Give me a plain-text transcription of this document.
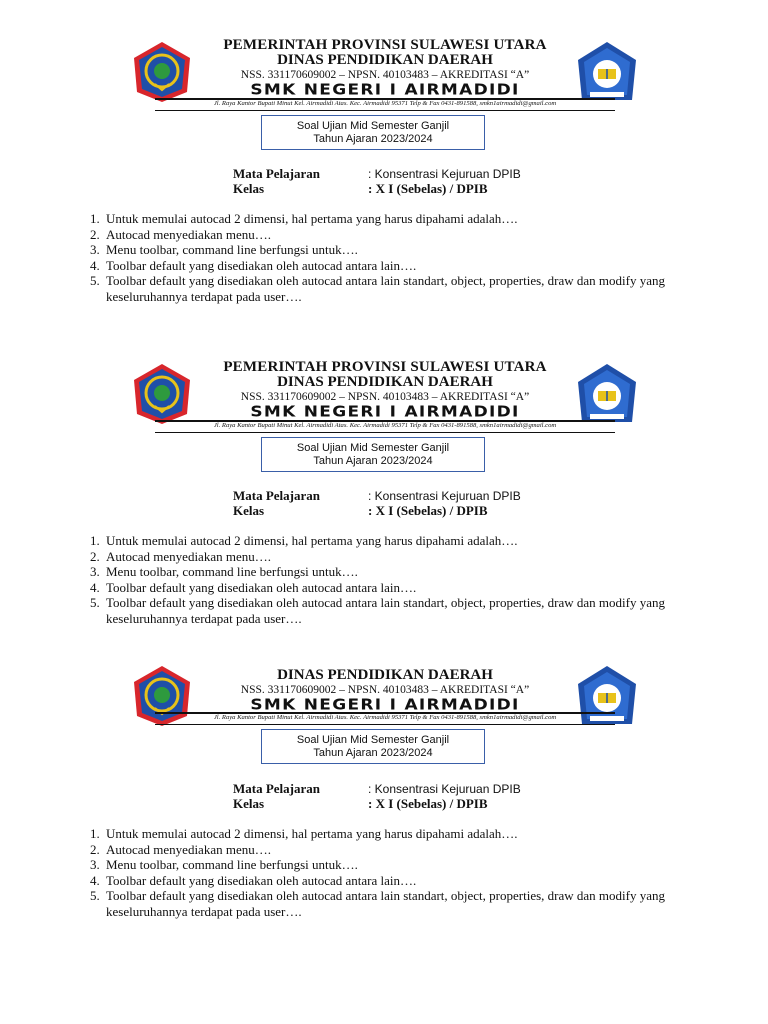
PEMERINTAH PROVINSI SULAWESI UTARA
DINAS PENDIDIKAN DAERAH
NSS. 331170609002 – NPSN. 40103483 – AKREDITASI “A”
SMK NEGERI I AIRMADIDI
Jl. Raya Kantor Bupati Minut Kel. Airmadidi Atas. Kec. Airmadidi 95371 Telp & Fax 0431-891588, smkn1airmadidi@gmail.com
Soal Ujian Mid Semester Ganjil
Tahun Ajaran 2023/2024
Mata Pelajaran	: Konsentrasi Kejuruan DPIB
Kelas	: X I (Sebelas) / DPIB
1. Untuk memulai autocad 2 dimensi, hal pertama yang harus dipahami adalah….
2. Autocad menyediakan menu….
3. Menu toolbar, command line berfungsi untuk….
4. Toolbar default yang disediakan oleh autocad antara lain….
5. Toolbar default yang disediakan oleh autocad antara lain standart, object, properties, draw dan modify yang keseluruhannya terdapat pada user….
PEMERINTAH PROVINSI SULAWESI UTARA
DINAS PENDIDIKAN DAERAH
NSS. 331170609002 – NPSN. 40103483 – AKREDITASI “A”
SMK NEGERI I AIRMADIDI
Jl. Raya Kantor Bupati Minut Kel. Airmadidi Atas. Kec. Airmadidi 95371 Telp & Fax 0431-891588, smkn1airmadidi@gmail.com
Soal Ujian Mid Semester Ganjil
Tahun Ajaran 2023/2024
Mata Pelajaran	: Konsentrasi Kejuruan DPIB
Kelas	: X I (Sebelas) / DPIB
1. Untuk memulai autocad 2 dimensi, hal pertama yang harus dipahami adalah….
2. Autocad menyediakan menu….
3. Menu toolbar, command line berfungsi untuk….
4. Toolbar default yang disediakan oleh autocad antara lain….
5. Toolbar default yang disediakan oleh autocad antara lain standart, object, properties, draw dan modify yang keseluruhannya terdapat pada user….
DINAS PENDIDIKAN DAERAH
NSS. 331170609002 – NPSN. 40103483 – AKREDITASI “A”
SMK NEGERI I AIRMADIDI
Jl. Raya Kantor Bupati Minut Kel. Airmadidi Atas. Kec. Airmadidi 95371 Telp & Fax 0431-891588, smkn1airmadidi@gmail.com
Soal Ujian Mid Semester Ganjil
Tahun Ajaran 2023/2024
Mata Pelajaran	: Konsentrasi Kejuruan DPIB
Kelas	: X I (Sebelas) / DPIB
1. Untuk memulai autocad 2 dimensi, hal pertama yang harus dipahami adalah….
2. Autocad menyediakan menu….
3. Menu toolbar, command line berfungsi untuk….
4. Toolbar default yang disediakan oleh autocad antara lain….
5. Toolbar default yang disediakan oleh autocad antara lain standart, object, properties, draw dan modify yang keseluruhannya terdapat pada user….
